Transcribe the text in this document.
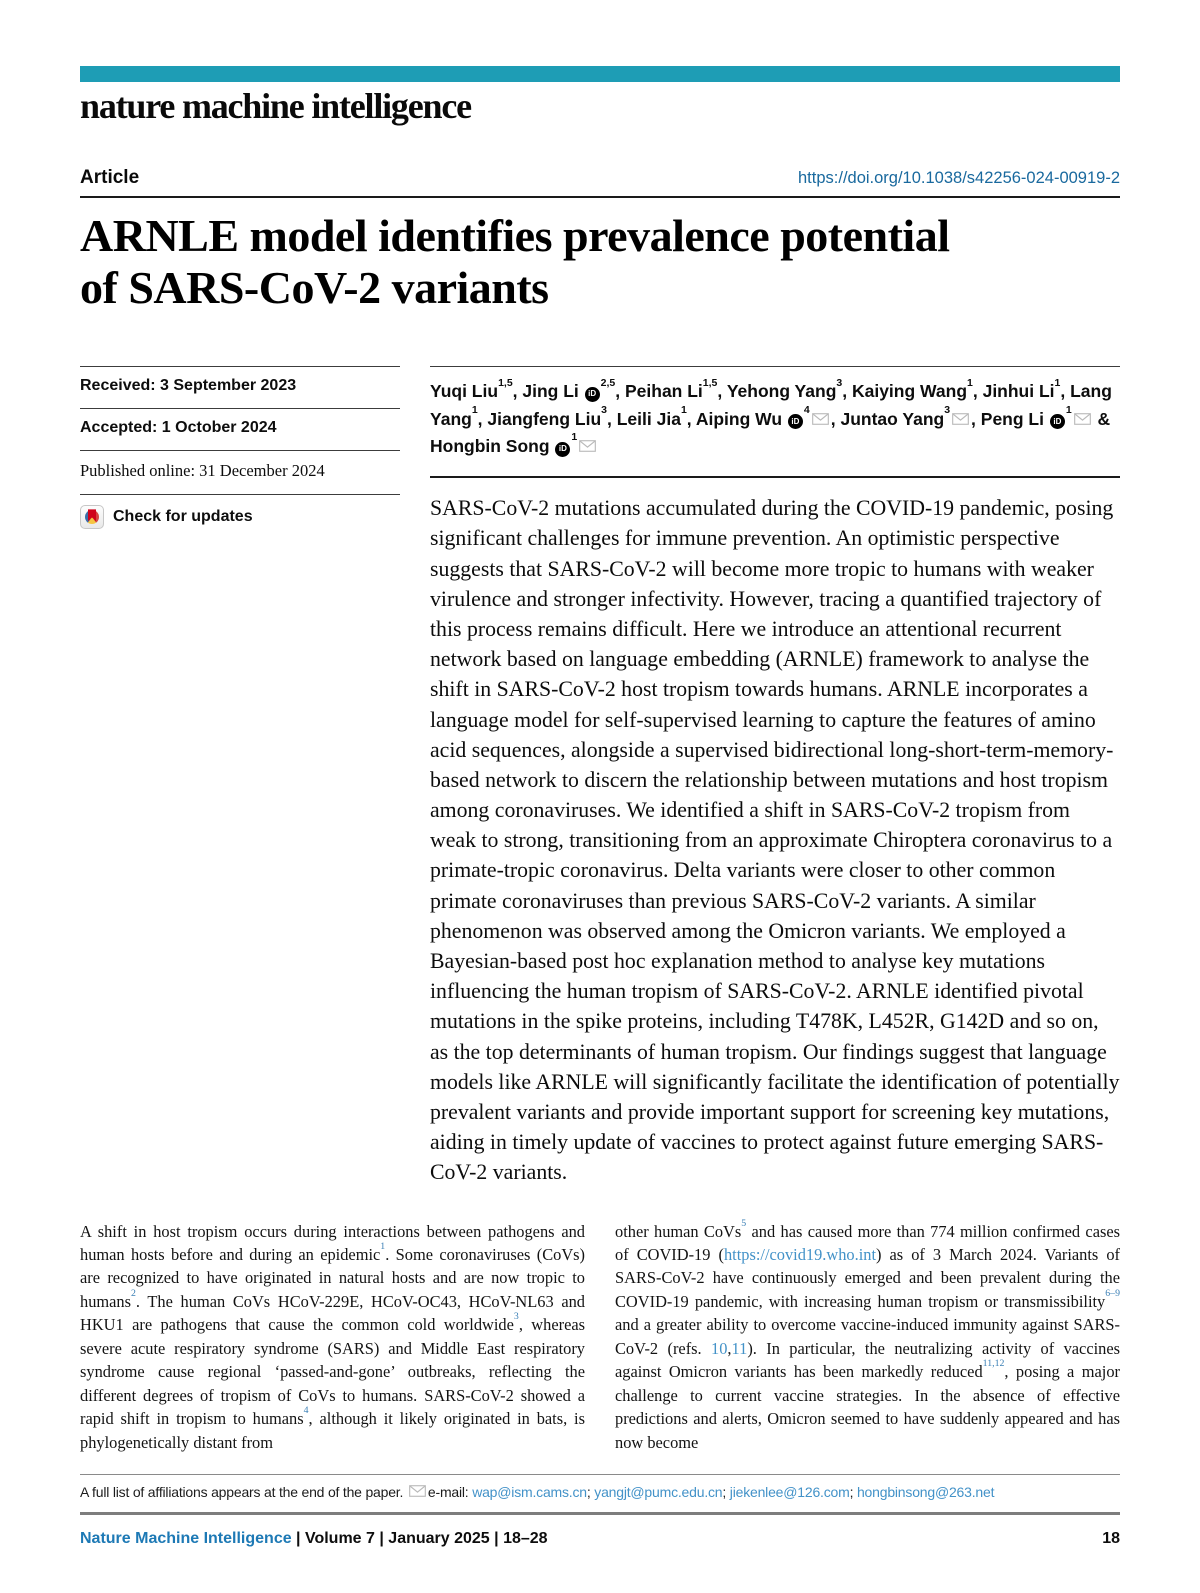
nature machine intelligence
Article	https://doi.org/10.1038/s42256-024-00919-2
ARNLE model identifies prevalence potential
of SARS-CoV-2 variants
Received: 3 September 2023
Accepted: 1 October 2024
Published online: 31 December 2024
Check for updates
Yuqi Liu$^{1,5}$, Jing Li iD$^{2,5}$, Peihan Li$^{1,5}$, Yehong Yang$^3$, Kaiying Wang$^1$, Jinhui Li$^1$, Lang Yang$^1$, Jiangfeng Liu$^3$, Leili Jia$^1$, Aiping Wu iD$^4$ , Juntao Yang$^3$ , Peng Li iD$^1$ & Hongbin Song iD$^1$
SARS-CoV-2 mutations accumulated during the COVID-19 pandemic, posing significant challenges for immune prevention. An optimistic perspective suggests that SARS-CoV-2 will become more tropic to humans with weaker virulence and stronger infectivity. However, tracing a quantified trajectory of this process remains difficult. Here we introduce an attentional recurrent network based on language embedding (ARNLE) framework to analyse the shift in SARS-CoV-2 host tropism towards humans. ARNLE incorporates a language model for self-supervised learning to capture the features of amino acid sequences, alongside a supervised bidirectional long-short-term-memory-based network to discern the relationship between mutations and host tropism among coronaviruses. We identified a shift in SARS-CoV-2 tropism from weak to strong, transitioning from an approximate Chiroptera coronavirus to a primate-tropic coronavirus. Delta variants were closer to other common primate coronaviruses than previous SARS-CoV-2 variants. A similar phenomenon was observed among the Omicron variants. We employed a Bayesian-based post hoc explanation method to analyse key mutations influencing the human tropism of SARS-CoV-2. ARNLE identified pivotal mutations in the spike proteins, including T478K, L452R, G142D and so on, as the top determinants of human tropism. Our findings suggest that language models like ARNLE will significantly facilitate the identification of potentially prevalent variants and provide important support for screening key mutations, aiding in timely update of vaccines to protect against future emerging SARS-CoV-2 variants.
A shift in host tropism occurs during interactions between pathogens and human hosts before and during an epidemic$^1$. Some coronaviruses (CoVs) are recognized to have originated in natural hosts and are now tropic to humans$^2$. The human CoVs HCoV-229E, HCoV-OC43, HCoV-NL63 and HKU1 are pathogens that cause the common cold worldwide$^3$, whereas severe acute respiratory syndrome (SARS) and Middle East respiratory syndrome cause regional ‘passed-and-gone’ outbreaks, reflecting the different degrees of tropism of CoVs to humans. SARS-CoV-2 showed a rapid shift in tropism to humans$^4$, although it likely originated in bats, is phylogenetically distant from
other human CoVs$^5$ and has caused more than 774 million confirmed cases of COVID-19 (https://covid19.who.int) as of 3 March 2024. Variants of SARS-CoV-2 have continuously emerged and been prevalent during the COVID-19 pandemic, with increasing human tropism or transmissibility$^{6-9}$ and a greater ability to overcome vaccine-induced immunity against SARS-CoV-2 (refs. 10,11). In particular, the neutralizing activity of vaccines against Omicron variants has been markedly reduced$^{11,12}$, posing a major challenge to current vaccine strategies. In the absence of effective predictions and alerts, Omicron seemed to have suddenly appeared and has now become
A full list of affiliations appears at the end of the paper. e-mail: wap@ism.cams.cn; yangjt@pumc.edu.cn; jiekenlee@126.com; hongbinsong@263.net
Nature Machine Intelligence | Volume 7 | January 2025 | 18–28	18
